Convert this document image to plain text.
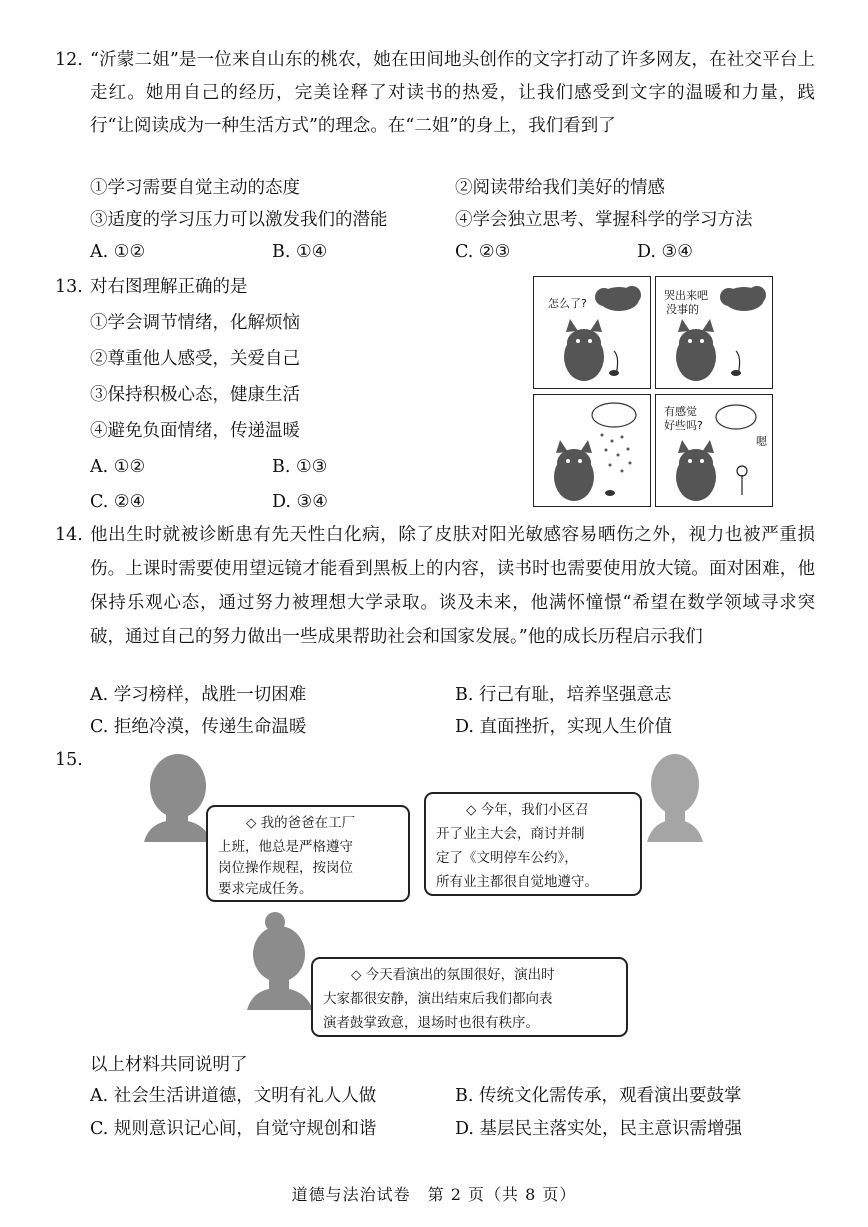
12. “沂蒙二姐”是一位来自山东的桃农，她在田间地头创作的文字打动了许多网友，在社交平台上走红。她用自己的经历，完美诠释了对读书的热爱，让我们感受到文字的温暖和力量，践行“让阅读成为一种生活方式”的理念。在“二姐”的身上，我们看到了
①学习需要自觉主动的态度	②阅读带给我们美好的情感
③适度的学习压力可以激发我们的潜能	④学会独立思考、掌握科学的学习方法
A. ①②	B. ①④	C. ②③	D. ③④
13. 对右图理解正确的是
①学会调节情绪，化解烦恼
②尊重他人感受，关爱自己
③保持积极心态，健康生活
④避免负面情绪，传递温暖
A. ①②	B. ①③
C. ②④	D. ③④
怎么了?
哭出来吧
没事的
有感觉
好些吗?
嗯
14. 他出生时就被诊断患有先天性白化病，除了皮肤对阳光敏感容易晒伤之外，视力也被严重损伤。上课时需要使用望远镜才能看到黑板上的内容，读书时也需要使用放大镜。面对困难，他保持乐观心态，通过努力被理想大学录取。谈及未来，他满怀憧憬“希望在数学领域寻求突破，通过自己的努力做出一些成果帮助社会和国家发展。”他的成长历程启示我们
A. 学习榜样，战胜一切困难	B. 行己有耻，培养坚强意志
C. 拒绝冷漠，传递生命温暖	D. 直面挫折，实现人生价值
15.
◇ 我的爸爸在工厂
上班，他总是严格遵守
岗位操作规程，按岗位
要求完成任务。
◇ 今年，我们小区召
开了业主大会，商讨并制
定了《文明停车公约》，
所有业主都很自觉地遵守。
◇ 今天看演出的氛围很好，演出时
大家都很安静，演出结束后我们都向表
演者鼓掌致意，退场时也很有秩序。
以上材料共同说明了
A. 社会生活讲道德，文明有礼人人做	B. 传统文化需传承，观看演出要鼓掌
C. 规则意识记心间，自觉守规创和谐	D. 基层民主落实处，民主意识需增强
道德与法治试卷　第 2 页（共 8 页）
